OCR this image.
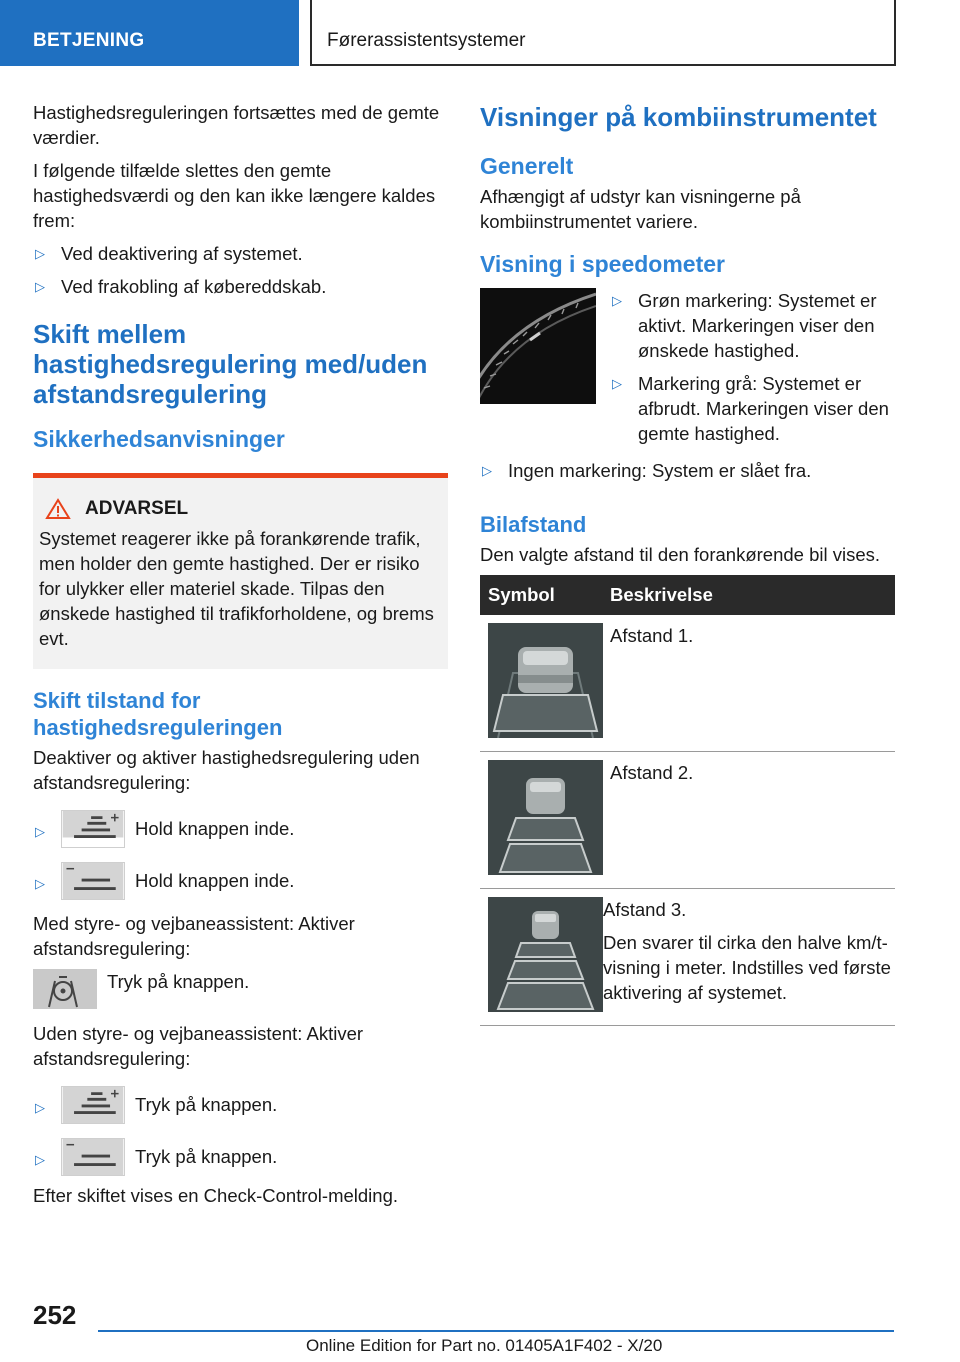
BETJENING	Førerassistentsystemer

Hastighedsreguleringen fortsættes med de gemte værdier.

I følgende tilfælde slettes den gemte hastighedsværdi og den kan ikke længere kaldes frem:

▷ Ved deaktivering af systemet.
▷ Ved frakobling af købereddskab.
Skift mellem hastighedsregulering med/uden afstandsregulering
Sikkerhedsanvisninger
ADVARSEL

Systemet reagerer ikke på forankørende trafik, men holder den gemte hastighed. Der er risiko for ulykker eller materiel skade. Tilpas den ønskede hastighed til trafikforholdene, og brems evt.

Skift tilstand for hastighedsreguleringen

Deaktiver og aktiver hastighedsregulering uden afstandsregulering:

▷	Hold knappen inde.
▷	Hold knappen inde.

Med styre- og vejbaneassistent: Aktiver afstandsregulering:

Tryk på knappen.

Uden styre- og vejbaneassistent: Aktiver afstandsregulering:

▷	Tryk på knappen.
▷	Tryk på knappen.

Efter skiftet vises en Check-Control-melding.

Visninger på kombiinstrumentet
Generelt

Afhængigt af udstyr kan visningerne på kombiinstrumentet variere.

Visning i speedometer
▷ Grøn markering: Systemet er aktivt. Markeringen viser den ønskede hastighed.
▷ Markering grå: Systemet er afbrudt. Markeringen viser den gemte hastighed.
▷ Ingen markering: System er slået fra.
Bilafstand

Den valgte afstand til den forankørende bil vises.

Symbol	Beskrivelse
Afstand 1.
Afstand 2.
Afstand 3.
Den svarer til cirka den halve km/t-visning i meter. Indstilles ved første aktivering af systemet.
252
Online Edition for Part no. 01405A1F402 - X/20
